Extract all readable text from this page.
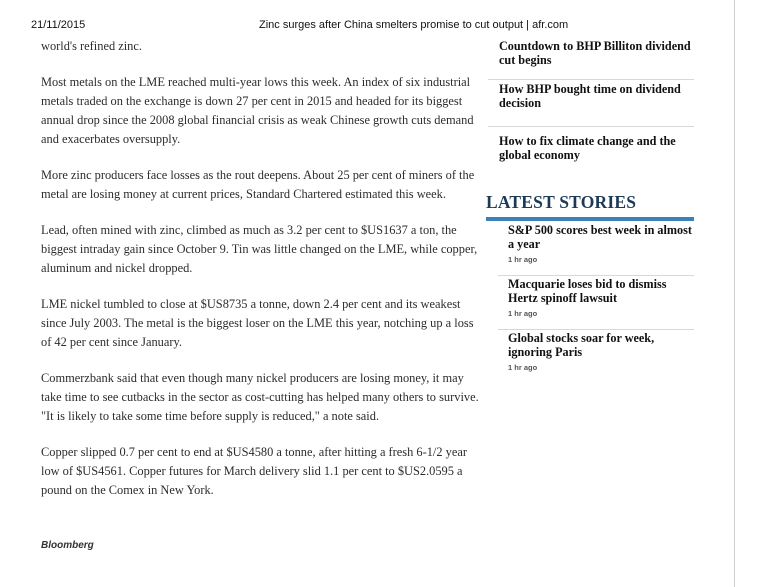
21/11/2015	Zinc surges after China smelters promise to cut output | afr.com

world's refined zinc.

Most metals on the LME reached multi-year lows this week. An index of six industrial metals traded on the exchange is down 27 per cent in 2015 and headed for its biggest annual drop since the 2008 global financial crisis as weak Chinese growth cuts demand and exacerbates oversupply.

More zinc producers face losses as the rout deepens. About 25 per cent of miners of the metal are losing money at current prices, Standard Chartered estimated this week.

Lead, often mined with zinc, climbed as much as 3.2 per cent to $US1637 a ton, the biggest intraday gain since October 9. Tin was little changed on the LME, while copper, aluminum and nickel dropped.

LME nickel tumbled to close at $US8735 a tonne, down 2.4 per cent and its weakest since July 2003. The metal is the biggest loser on the LME this year, notching up a loss of 42 per cent since January.

Commerzbank said that even though many nickel producers are losing money, it may take time to see cutbacks in the sector as cost-cutting has helped many others to survive. "It is likely to take some time before supply is reduced," a note said.

Copper slipped 0.7 per cent to end at $US4580 a tonne, after hitting a fresh 6-1/2 year low of $US4561. Copper futures for March delivery slid 1.1 per cent to $US2.0595 a pound on the Comex in New York.

Bloomberg
Countdown to BHP Billiton dividend cut begins
How BHP bought time on dividend decision
How to fix climate change and the global economy
LATEST STORIES
S&P 500 scores best week in almost a year
1 hr ago
Macquarie loses bid to dismiss Hertz spinoff lawsuit
1 hr ago
Global stocks soar for week, ignoring Paris
1 hr ago
